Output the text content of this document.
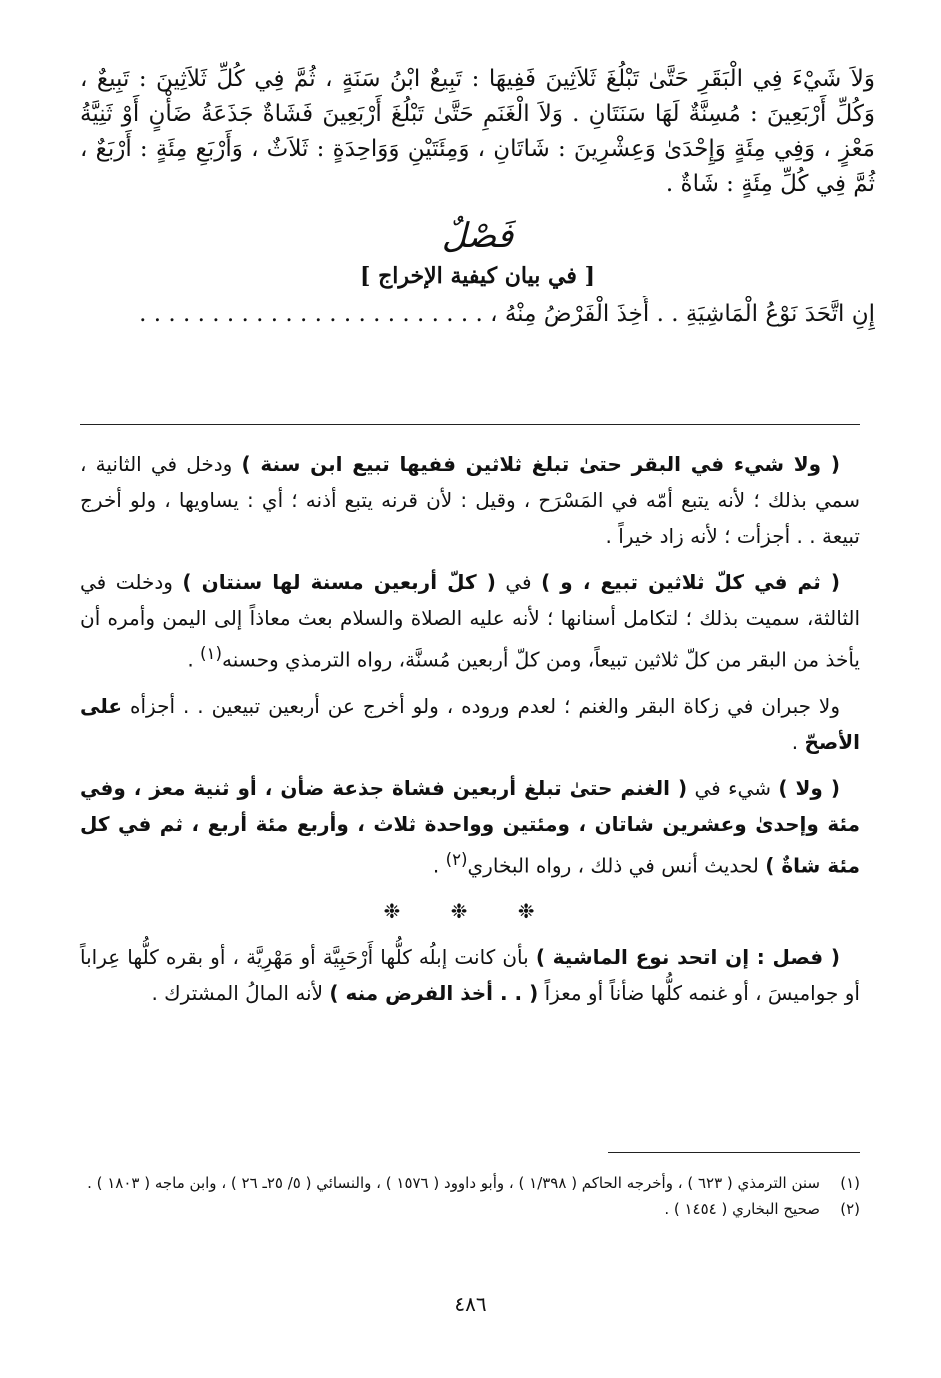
وَلاَ شَيْءَ فِي الْبَقَرِ حَتَّىٰ تَبْلُغَ ثَلاَثِينَ فَفِيهَا : تَبِيعٌ ابْنُ سَنَةٍ ، ثُمَّ فِي كُلِّ ثَلاَثِينَ : تَبِيعٌ ، وَكُلِّ أَرْبَعِينَ : مُسِنَّةٌ لَهَا سَنَتَانِ . وَلاَ الْغَنَمِ حَتَّىٰ تَبْلُغَ أَرْبَعِينَ فَشَاةٌ جَذَعَةُ ضَأْنٍ أَوْ ثَنِيَّةُ مَعْزٍ ، وَفِي مِئَةٍ وَإِحْدَىٰ وَعِشْرِينَ : شَاتَانِ ، وَمِئَتَيْنِ وَوَاحِدَةٍ : ثَلاَثٌ ، وَأَرْبَعِ مِئَةٍ : أَرْبَعٌ ، ثُمَّ فِي كُلِّ مِئَةٍ : شَاةٌ .

فَصْلٌ
[ في بيان كيفية الإخراج ]
إِنِ اتَّحَدَ نَوْعُ الْمَاشِيَةِ . . أُخِذَ الْفَرْضُ مِنْهُ ، . . . . . . . . . . . . . . . . . . . . . . . .

( ولا شيء في البقر حتىٰ تبلغ ثلاثين ففيها تبيع ابن سنة ) ودخل في الثانية ، سمي بذلك ؛ لأنه يتبع أمّه في المَسْرَح ، وقيل : لأن قرنه يتبع أذنه ؛ أي : يساويها ، ولو أخرج تبيعة . . أجزأت ؛ لأنه زاد خيراً .

( ثم في كلّ ثلاثين تبيع ، و ) في ( كلّ أربعين مسنة لها سنتان ) ودخلت في الثالثة، سميت بذلك ؛ لتكامل أسنانها ؛ لأنه عليه الصلاة والسلام بعث معاذاً إلى اليمن وأمره أن يأخذ من البقر من كلّ ثلاثين تبيعاً، ومن كلّ أربعين مُسنَّة، رواه الترمذي وحسنه$^{(١)}$ .

ولا جبران في زكاة البقر والغنم ؛ لعدم وروده ، ولو أخرج عن أربعين تبيعين . . أجزأه على الأصحّ .

( ولا ) شيء في ( الغنم حتىٰ تبلغ أربعين فشاة جذعة ضأن ، أو ثنية معز ، وفي مئة وإحدىٰ وعشرين شاتان ، ومئتين وواحدة ثلاث ، وأربع مئة أربع ، ثم في كل مئة شاةٌ ) لحديث أنس في ذلك ، رواه البخاري$^{(٢)}$ .

❉ ❉ ❉

( فصل : إن اتحد نوع الماشية ) بأن كانت إبلُه كلُّها أَرْحَبِيَّة أو مَهْرِيَّة ، أو بقره كلُّها عِراباً أو جواميسَ ، أو غنمه كلُّها ضأناً أو معزاً ( . . أخذ الفرض منه ) لأنه المالُ المشترك .

(١)
سنن الترمذي ( ٦٢٣ ) ، وأخرجه الحاكم ( ١/٣٩٨ ) ، وأبو داوود ( ١٥٧٦ ) ، والنسائي ( ٥/ ٢٥ـ ٢٦ ) ، وابن ماجه ( ١٨٠٣ ) .
(٢)
صحيح البخاري ( ١٤٥٤ ) .
٤٨٦
